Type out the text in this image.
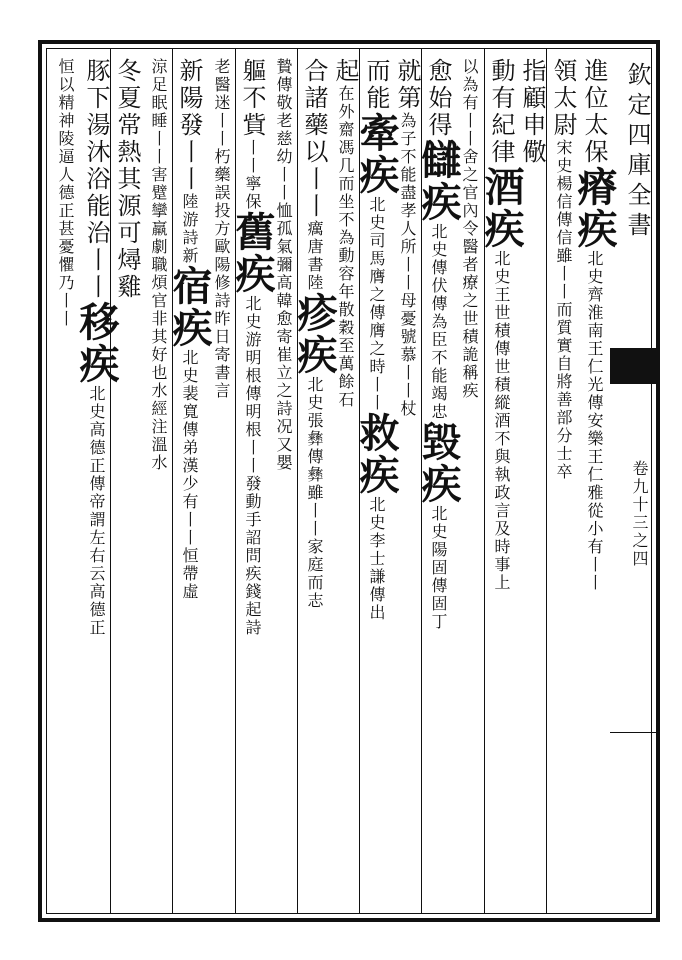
欽定四庫全書
卷九十三之四
進位太保瘠疾北史齊淮南王仁光傳安樂王仁雅從小有丨丨
領太尉宋史楊信傳信雖丨丨而質實自將善部分士卒
指顧申儆
動有紀律酒疾北史王世積傳世積縱酒不與執政言及時事上
以為有丨丨舍之官內令醫者療之世積詭稱疾
愈始得讎疾北史傳伏傳為臣不能竭忠毀疾北史陽固傳固丁
就第為子不能盡孝人所丨丨母憂號慕丨丨杖
而能牽疾北史司馬膺之傳膺之時丨丨救疾北史李士謙傳出
起在外齋馮几而坐不為動容年散穀至萬餘石
合諸藥以丨丨癘唐書陸疹疾北史張彝傳彝雖丨丨家庭而志
贄傳敬老慈幼丨丨恤孤氣彌高韓愈寄崔立之詩况又嬰
軀不貲丨丨寧保舊疾北史游明根傳明根丨丨發動手詔問疾錢起詩
老醫迷丨丨朽藥誤投方歐陽修詩昨日寄書言
新陽發丨丨陸游詩新宿疾北史裴寬傳弟漢少有丨丨恒帶虛
涼足眠睡丨丨害躄攣羸劇職煩官非其好也水經注溫水
冬夏常熱其源可燖雞
豚下湯沐浴能治丨丨移疾北史高德正傳帝謂左右云高德正
恒以精神陵逼人德正甚憂懼乃丨丨
